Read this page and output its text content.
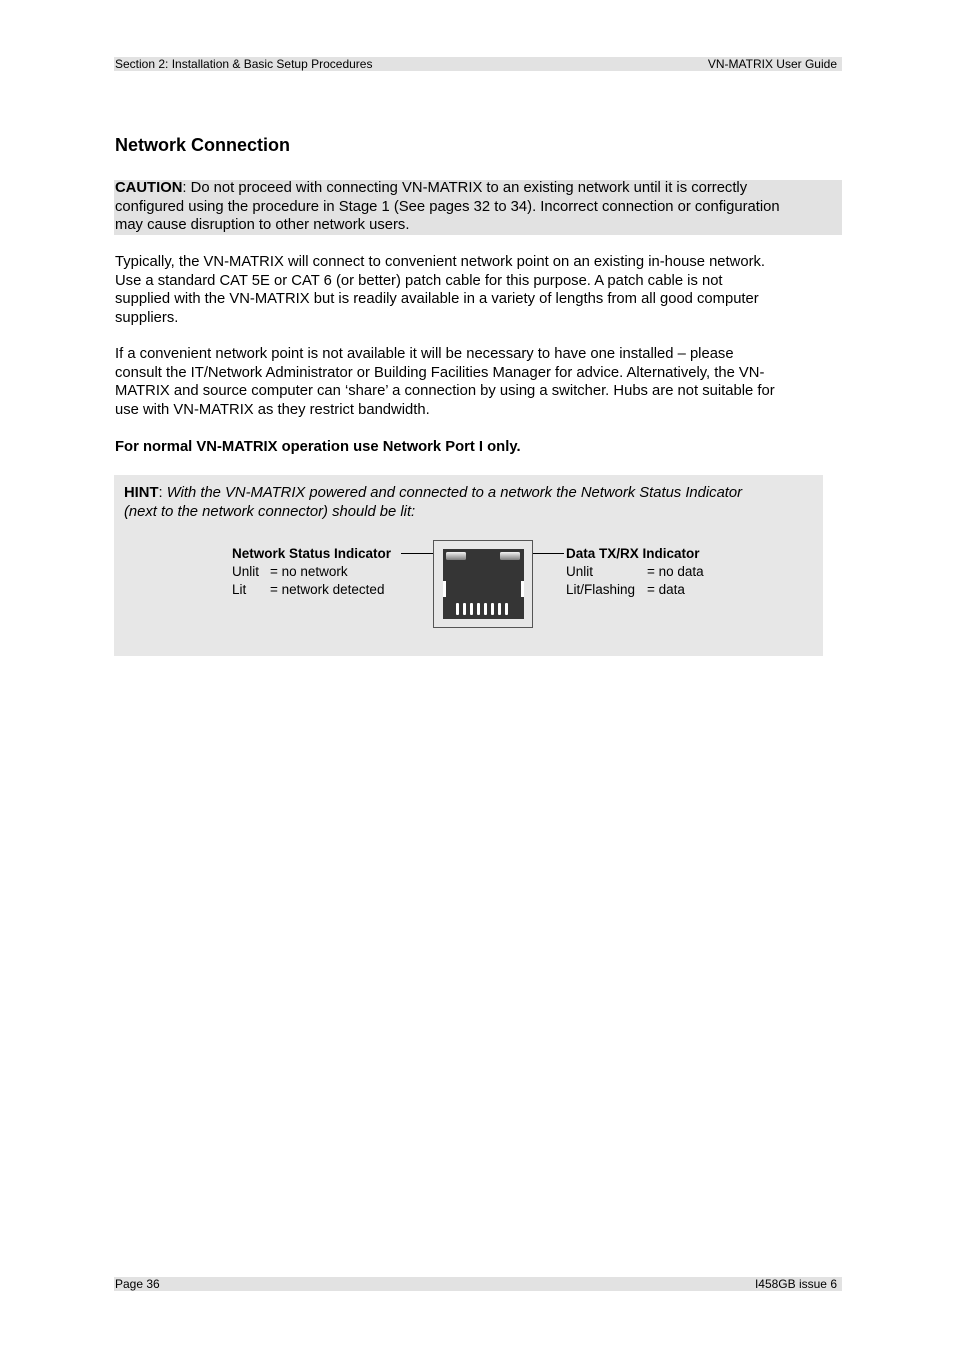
Section 2: Installation & Basic Setup Procedures	VN-MATRIX User Guide
Network Connection

CAUTION: Do not proceed with connecting VN-MATRIX to an existing network until it is correctly
configured using the procedure in Stage 1 (See pages 32 to 34). Incorrect connection or configuration
may cause disruption to other network users.

Typically, the VN-MATRIX will connect to convenient network point on an existing in-house network.
Use a standard CAT 5E or CAT 6 (or better) patch cable for this purpose. A patch cable is not
supplied with the VN-MATRIX but is readily available in a variety of lengths from all good computer
suppliers.

If a convenient network point is not available it will be necessary to have one installed – please
consult the IT/Network Administrator or Building Facilities Manager for advice. Alternatively, the VN-
MATRIX and source computer can ‘share’ a connection by using a switcher. Hubs are not suitable for
use with VN-MATRIX as they restrict bandwidth.

For normal VN-MATRIX operation use Network Port I only.

HINT: With the VN-MATRIX powered and connected to a network the Network Status Indicator
(next to the network connector) should be lit:

Network Status Indicator
Unlit = no network
Lit = network detected
Data TX/RX Indicator
Unlit	= no data
Lit/Flashing = data
Page 36	I458GB issue 6
